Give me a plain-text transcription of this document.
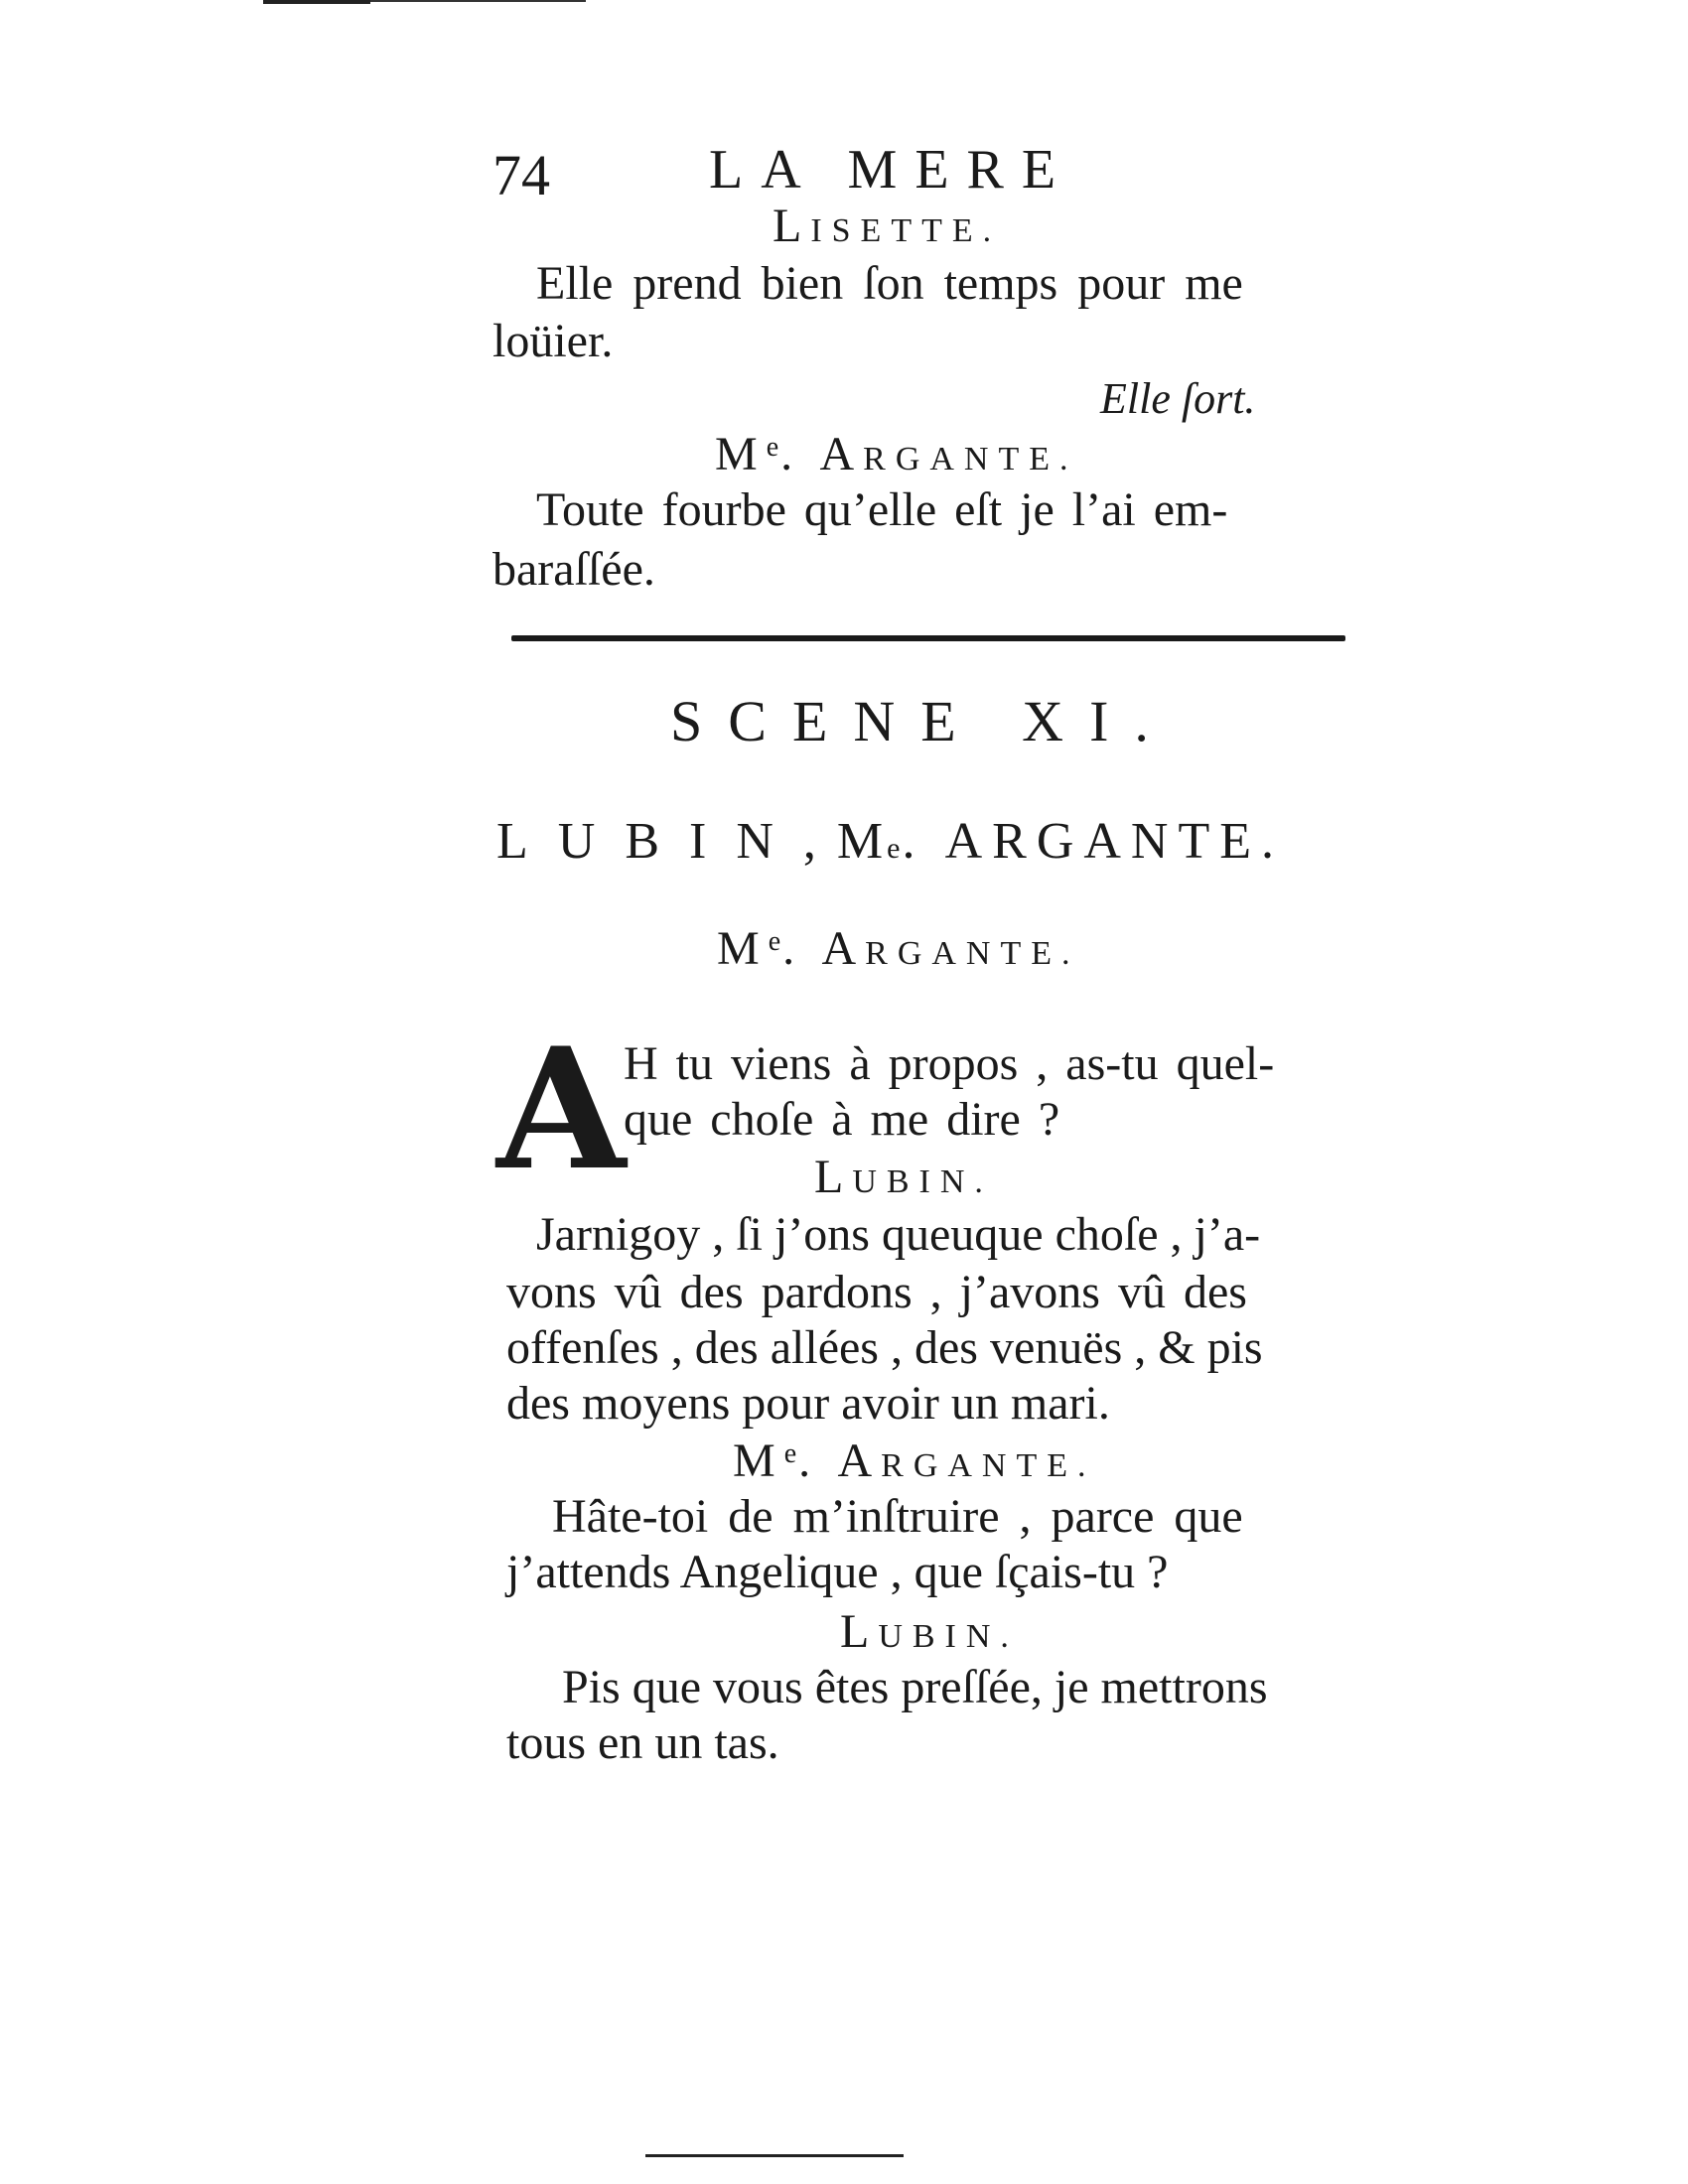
74	LA MERE
LISETTE.
Elle prend bien ſon temps pour me
loüier.
Elle ſort.
Me. ARGANTE.
Toute fourbe qu’elle eſt je l’ai em-
baraſſée.
SCENE XI.
LUBIN, Me. ARGANTE.
Me. ARGANTE.
A
H tu viens à propos , as-tu quel-
que choſe à me dire ?
LUBIN.
Jarnigoy , ſi j’ons queuque choſe , j’a-
vons vû des pardons , j’avons vû des
offenſes , des allées , des venuës , & pis
des moyens pour avoir un mari.
Me. ARGANTE.
Hâte-toi de m’inſtruire , parce que
j’attends Angelique , que ſçais-tu ?
LUBIN.
Pis que vous êtes preſſée, je mettrons
tous en un tas.
